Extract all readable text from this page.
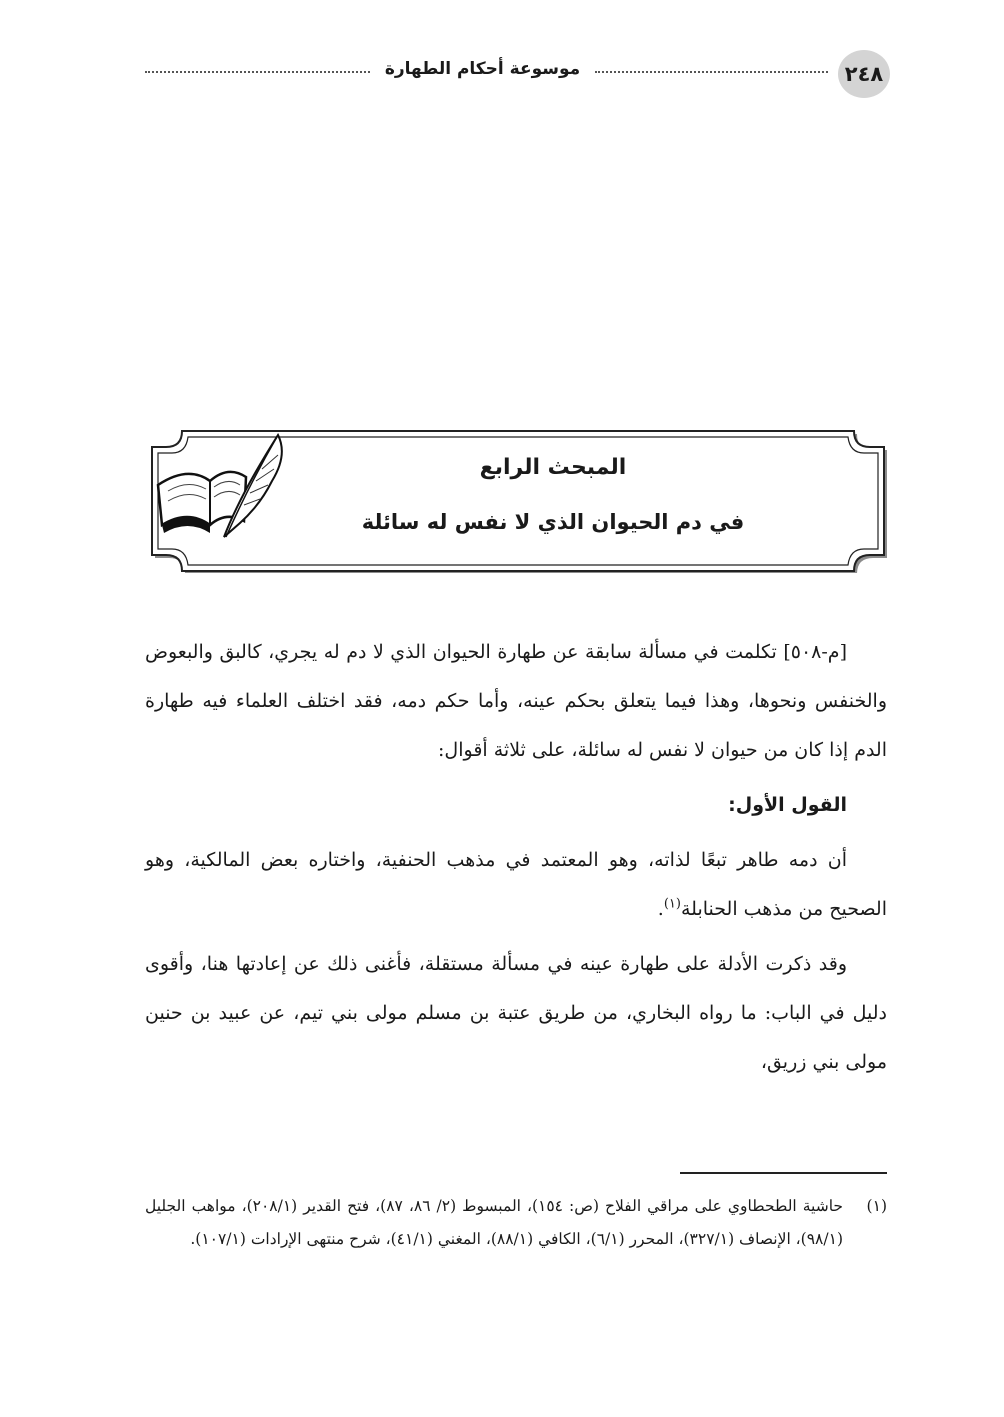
موسوعة أحكام الطهارة	٢٤٨
المبحث الرابع
في دم الحيوان الذي لا نفس له سائلة

[م-٥٠٨] تكلمت في مسألة سابقة عن طهارة الحيوان الذي لا دم له يجري، كالبق والبعوض والخنفس ونحوها، وهذا فيما يتعلق بحكم عينه، وأما حكم دمه، فقد اختلف العلماء فيه طهارة الدم إذا كان من حيوان لا نفس له سائلة، على ثلاثة أقوال:

القول الأول:

أن دمه طاهر تبعًا لذاته، وهو المعتمد في مذهب الحنفية، واختاره بعض المالكية، وهو الصحيح من مذهب الحنابلة$^{(١)}$.

وقد ذكرت الأدلة على طهارة عينه في مسألة مستقلة، فأغنى ذلك عن إعادتها هنا، وأقوى دليل في الباب: ما رواه البخاري، من طريق عتبة بن مسلم مولى بني تيم، عن عبيد بن حنين مولى بني زريق،

(١)
حاشية الطحطاوي على مراقي الفلاح (ص: ١٥٤)، المبسوط (٢/ ٨٦، ٨٧)، فتح القدير (٢٠٨/١)، مواهب الجليل (٩٨/١)، الإنصاف (٣٢٧/١)، المحرر (٦/١)، الكافي (٨٨/١)، المغني (٤١/١)، شرح منتهى الإرادات (١٠٧/١).
